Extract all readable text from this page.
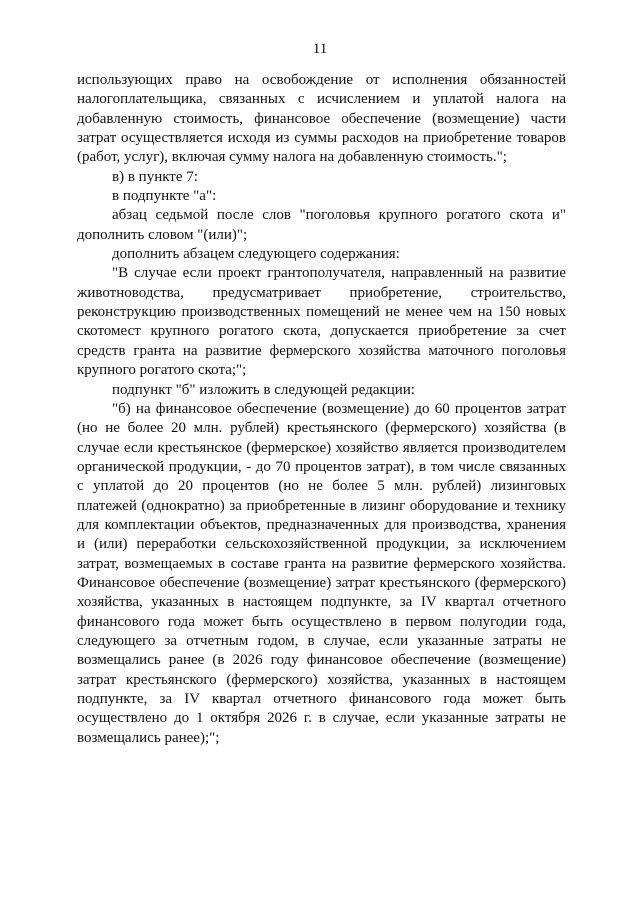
11

использующих право на освобождение от исполнения обязанностей налогоплательщика, связанных с исчислением и уплатой налога на добавленную стоимость, финансовое обеспечение (возмещение) части затрат осуществляется исходя из суммы расходов на приобретение товаров (работ, услуг), включая сумму налога на добавленную стоимость.";

в) в пункте 7:

в подпункте "а":

абзац седьмой после слов "поголовья крупного рогатого скота и" дополнить словом "(или)";

дополнить абзацем следующего содержания:

"В случае если проект грантополучателя, направленный на развитие животноводства, предусматривает приобретение, строительство, реконструкцию производственных помещений не менее чем на 150 новых скотомест крупного рогатого скота, допускается приобретение за счет средств гранта на развитие фермерского хозяйства маточного поголовья крупного рогатого скота;";

подпункт "б" изложить в следующей редакции:

"б) на финансовое обеспечение (возмещение) до 60 процентов затрат (но не более 20 млн. рублей) крестьянского (фермерского) хозяйства (в случае если крестьянское (фермерское) хозяйство является производителем органической продукции, - до 70 процентов затрат), в том числе связанных с уплатой до 20 процентов (но не более 5 млн. рублей) лизинговых платежей (однократно) за приобретенные в лизинг оборудование и технику для комплектации объектов, предназначенных для производства, хранения и (или) переработки сельскохозяйственной продукции, за исключением затрат, возмещаемых в составе гранта на развитие фермерского хозяйства. Финансовое обеспечение (возмещение) затрат крестьянского (фермерского) хозяйства, указанных в настоящем подпункте, за IV квартал отчетного финансового года может быть осуществлено в первом полугодии года, следующего за отчетным годом, в случае, если указанные затраты не возмещались ранее (в 2026 году финансовое обеспечение (возмещение) затрат крестьянского (фермерского) хозяйства, указанных в настоящем подпункте, за IV квартал отчетного финансового года может быть осуществлено до 1 октября 2026 г. в случае, если указанные затраты не возмещались ранее);";
